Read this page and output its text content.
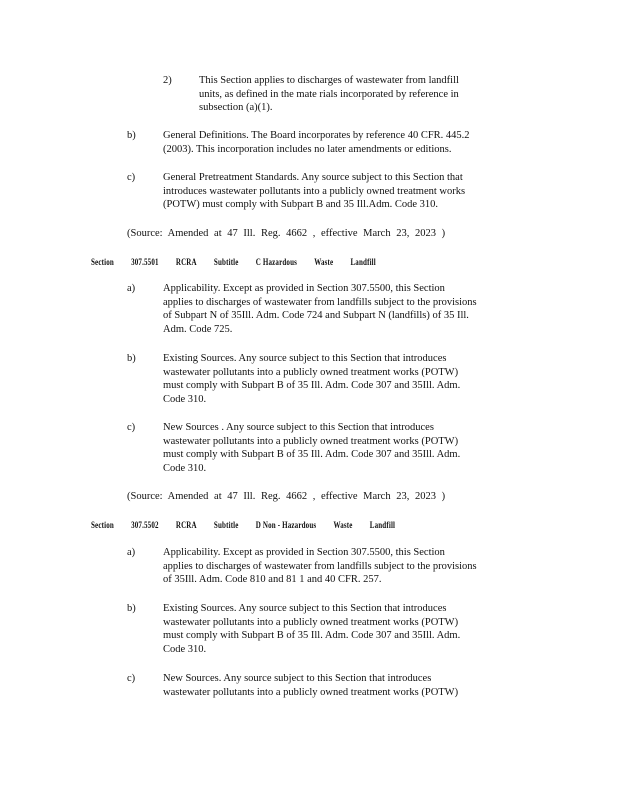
2)	This Section applies to discharges of wastewater from landfill
units, as defined in the mate rials incorporated by reference in
subsection (a)(1).
b)	General Definitions. The Board incorporates by reference 40 CFR. 445.2
(2003). This incorporation includes no later amendments or editions.
c)	General Pretreatment Standards. Any source subject to this Section that
introduces wastewater pollutants into a publicly owned treatment works
(POTW) must comply with Subpart B and 35 Ill.Adm. Code 310.
(Source: Amended at 47 Ill. Reg. 4662 , effective March 23, 2023 )
Section 307.5501 RCRA Subtitle C Hazardous Waste Landfill
a)	Applicability. Except as provided in Section 307.5500, this Section
applies to discharges of wastewater from landfills subject to the provisions
of Subpart N of 35Ill. Adm. Code 724 and Subpart N (landfills) of 35 Ill.
Adm. Code 725.
b)	Existing Sources. Any source subject to this Section that introduces
wastewater pollutants into a publicly owned treatment works (POTW)
must comply with Subpart B of 35 Ill. Adm. Code 307 and 35Ill. Adm.
Code 310.
c)	New Sources . Any source subject to this Section that introduces
wastewater pollutants into a publicly owned treatment works (POTW)
must comply with Subpart B of 35 Ill. Adm. Code 307 and 35Ill. Adm.
Code 310.
(Source: Amended at 47 Ill. Reg. 4662 , effective March 23, 2023 )
Section 307.5502 RCRA Subtitle D Non - Hazardous Waste Landfill
a)	Applicability. Except as provided in Section 307.5500, this Section
applies to discharges of wastewater from landfills subject to the provisions
of 35Ill. Adm. Code 810 and 81 1 and 40 CFR. 257.
b)	Existing Sources. Any source subject to this Section that introduces
wastewater pollutants into a publicly owned treatment works (POTW)
must comply with Subpart B of 35 Ill. Adm. Code 307 and 35Ill. Adm.
Code 310.
c)	New Sources. Any source subject to this Section that introduces
wastewater pollutants into a publicly owned treatment works (POTW)
